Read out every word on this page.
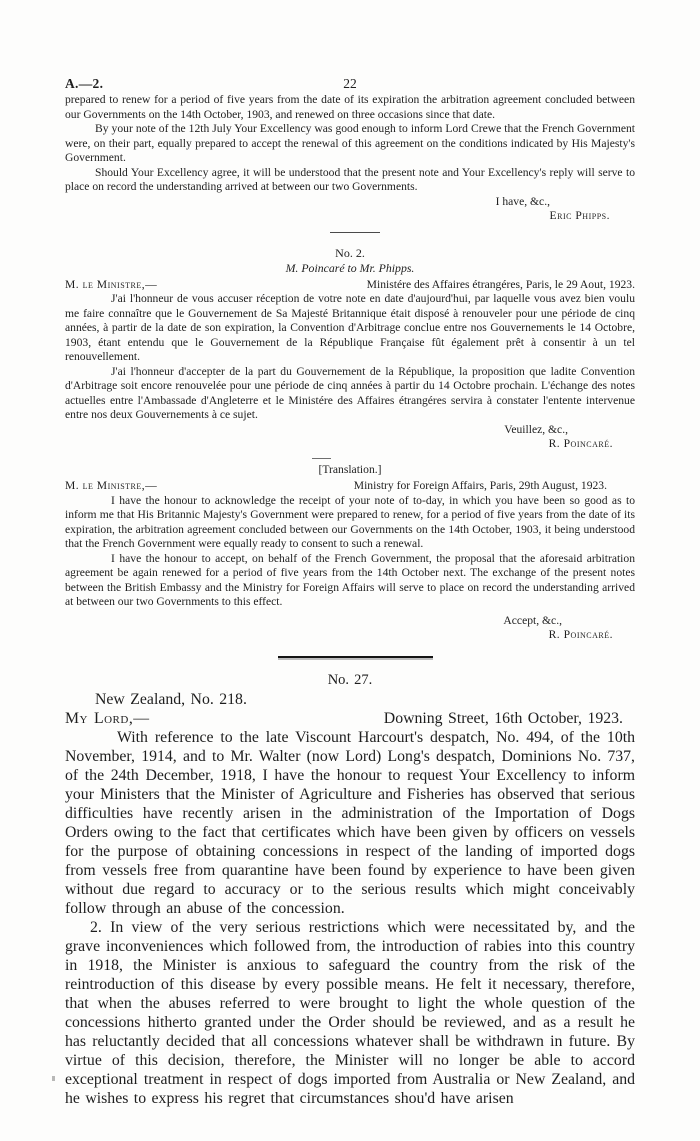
A.—2.	22

prepared to renew for a period of five years from the date of its expiration the arbitration agreement concluded between our Governments on the 14th October, 1903, and renewed on three occasions since that date.

By your note of the 12th July Your Excellency was good enough to inform Lord Crewe that the French Government were, on their part, equally prepared to accept the renewal of this agreement on the conditions indicated by His Majesty's Government.

Should Your Excellency agree, it will be understood that the present note and Your Excellency's reply will serve to place on record the understanding arrived at between our two Governments.

I have, &c.,

Eric Phipps.

No. 2.

M. Poincaré to Mr. Phipps.

M. le Ministre,—	Ministére des Affaires étrangéres, Paris, le 29 Aout, 1923.

J'ai l'honneur de vous accuser réception de votre note en date d'aujourd'hui, par laquelle vous avez bien voulu me faire connaître que le Gouvernement de Sa Majesté Britannique était disposé à renouveler pour une période de cinq années, à partir de la date de son expiration, la Convention d'Arbitrage conclue entre nos Gouvernements le 14 Octobre, 1903, étant entendu que le Gouvernement de la République Française fût également prêt à consentir à un tel renouvellement.

J'ai l'honneur d'accepter de la part du Gouvernement de la République, la proposition que ladite Convention d'Arbitrage soit encore renouvelée pour une période de cinq années à partir du 14 Octobre prochain. L'échange des notes actuelles entre l'Ambassade d'Angleterre et le Ministére des Affaires étrangéres servira à constater l'entente intervenue entre nos deux Gouvernements à ce sujet.

Veuillez, &c.,

R. Poincaré.

[Translation.]

M. le Ministre,—	Ministry for Foreign Affairs, Paris, 29th August, 1923.

I have the honour to acknowledge the receipt of your note of to-day, in which you have been so good as to inform me that His Britannic Majesty's Government were prepared to renew, for a period of five years from the date of its expiration, the arbitration agreement concluded between our Governments on the 14th October, 1903, it being understood that the French Government were equally ready to consent to such a renewal.

I have the honour to accept, on behalf of the French Government, the proposal that the aforesaid arbitration agreement be again renewed for a period of five years from the 14th October next. The exchange of the present notes between the British Embassy and the Ministry for Foreign Affairs will serve to place on record the understanding arrived at between our two Governments to this effect.

Accept, &c.,

R. Poincaré.

No. 27.

New Zealand, No. 218.

My Lord,—	Downing Street, 16th October, 1923.

With reference to the late Viscount Harcourt's despatch, No. 494, of the 10th November, 1914, and to Mr. Walter (now Lord) Long's despatch, Dominions No. 737, of the 24th December, 1918, I have the honour to request Your Excellency to inform your Ministers that the Minister of Agriculture and Fisheries has observed that serious difficulties have recently arisen in the administration of the Importation of Dogs Orders owing to the fact that certificates which have been given by officers on vessels for the purpose of obtaining concessions in respect of the landing of imported dogs from vessels free from quarantine have been found by experience to have been given without due regard to accuracy or to the serious results which might conceivably follow through an abuse of the concession.

2. In view of the very serious restrictions which were necessitated by, and the grave inconveniences which followed from, the introduction of rabies into this country in 1918, the Minister is anxious to safeguard the country from the risk of the reintroduction of this disease by every possible means. He felt it necessary, therefore, that when the abuses referred to were brought to light the whole question of the concessions hitherto granted under the Order should be reviewed, and as a result he has reluctantly decided that all concessions whatever shall be withdrawn in future. By virtue of this decision, therefore, the Minister will no longer be able to accord exceptional treatment in respect of dogs imported from Australia or New Zealand, and he wishes to express his regret that circumstances shou'd have arisen
